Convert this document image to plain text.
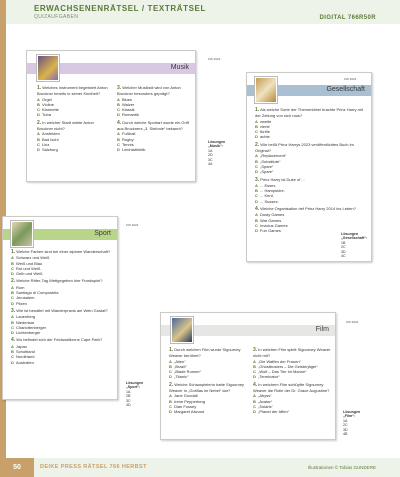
ERWACHSENENRÄTSEL / TEXTRÄTSEL
QUIZAUFGABEN	DIGITAL 766R50R
Musik
1. Welches Instrument begeistert Anton Bruckner bereits in seiner Kindheit?
A Orgel
B Violine
C Klarinette
D Tuba
2. In welcher Stadt wirkte Anton Bruckner nicht?
A Ansfelden
B Bad Ischl
C Linz
D Salzburg
3. Welcher Musikstil wird von Anton Bruckner besonders geprägt?
A Blues
B Walzer
C Klassik
D Romantik
4. Durch welche Sportart wurde ein Griff aus Bruckners „3. Sinfonie“ bekannt?
A Fußball
B Rugby
C Tennis
D Leichtathletik
KW 2024
Lösungen „Musik“:
1A
2D
3C
4A
Gesellschaft
1. Als welche Sorte der Themenbibel brachte Prinz Harry mit der Zeitung von sich raus?
A zweite
B vierte
C fünfte
D achte
2. Wie heißt Prinz Harrys 2023 veröffentlichtes Buch im Original?
A „Replacement“
B „Substitute“
C „Spare“
D „Spare“
3. Prinz Harry ist Duke of ...
A ... Essex.
B ... Hampshire.
C ... Kent.
D ... Sussex.
4. Welche Organisation rief Prinz Harry 2014 ins Leben?
A Dusty Games
B War Games
C Invictus Games
D Fun Games
KW 2024
Lösungen „Gesellschaft“:
1B
2C
3D
4C
Sport
1. Welche Farben sind bei einer alpinen Wanderschaft?
A Schwarz und Weiß
B Weiß und Blau
C Rot und Weiß
D Gelb und Weiß
2. Welche Ritter-Tag Wettgegeben hier Frankspiel?
A Rom
B Santiago di Compostela
C Jerusalem
D Pilzen
3. Wie ist bewährt mit Wanderpraxis am Wein Gustaf?
A Lauenberg
B Niederisar
C Charlottenberger
D Lichtenberger
4. Wo befindet sich der Feldwaldkrone Cape Path?
A Japan
B Schottland
C Nordirland
D Australien
KW 2024
Lösungen „Sport“:
1A
2B
3C
4D
Film
1. Durch welchen Film wurde Sigourney Weaver berühmt?
A „Alien“
B „Brazil“
C „Blade Runner“
D „Titanic“
2. Welche Schauspielerin hatte Sigourney Weaver in „Gorillas im Nebel“ dar?
A Jane Goodall
B Irene Pepperberg
C Dian Fossey
D Margaret Atwood
3. In welchen Film spielt Sigourney Weaver nicht mit?
A „Die Waffen der Frauen“
B „Ghostbusters – Die Geisterjäger“
C „Wolf – Das Tier im Manne“
D „Terminator“
4. In welchem Film schlüpfte Sigourney Weaver die Rolle der Dr. Grace Augustine?
A „Abyss“
B „Avatar“
C „Solaris“
D „Planet der Affen“
KW 2024
Lösungen „Film“:
1A
2C
3D
4B
50	DEIKE PRESS RÄTSEL 766 HERBST	Illustrationen © Tobias GUNDERE
